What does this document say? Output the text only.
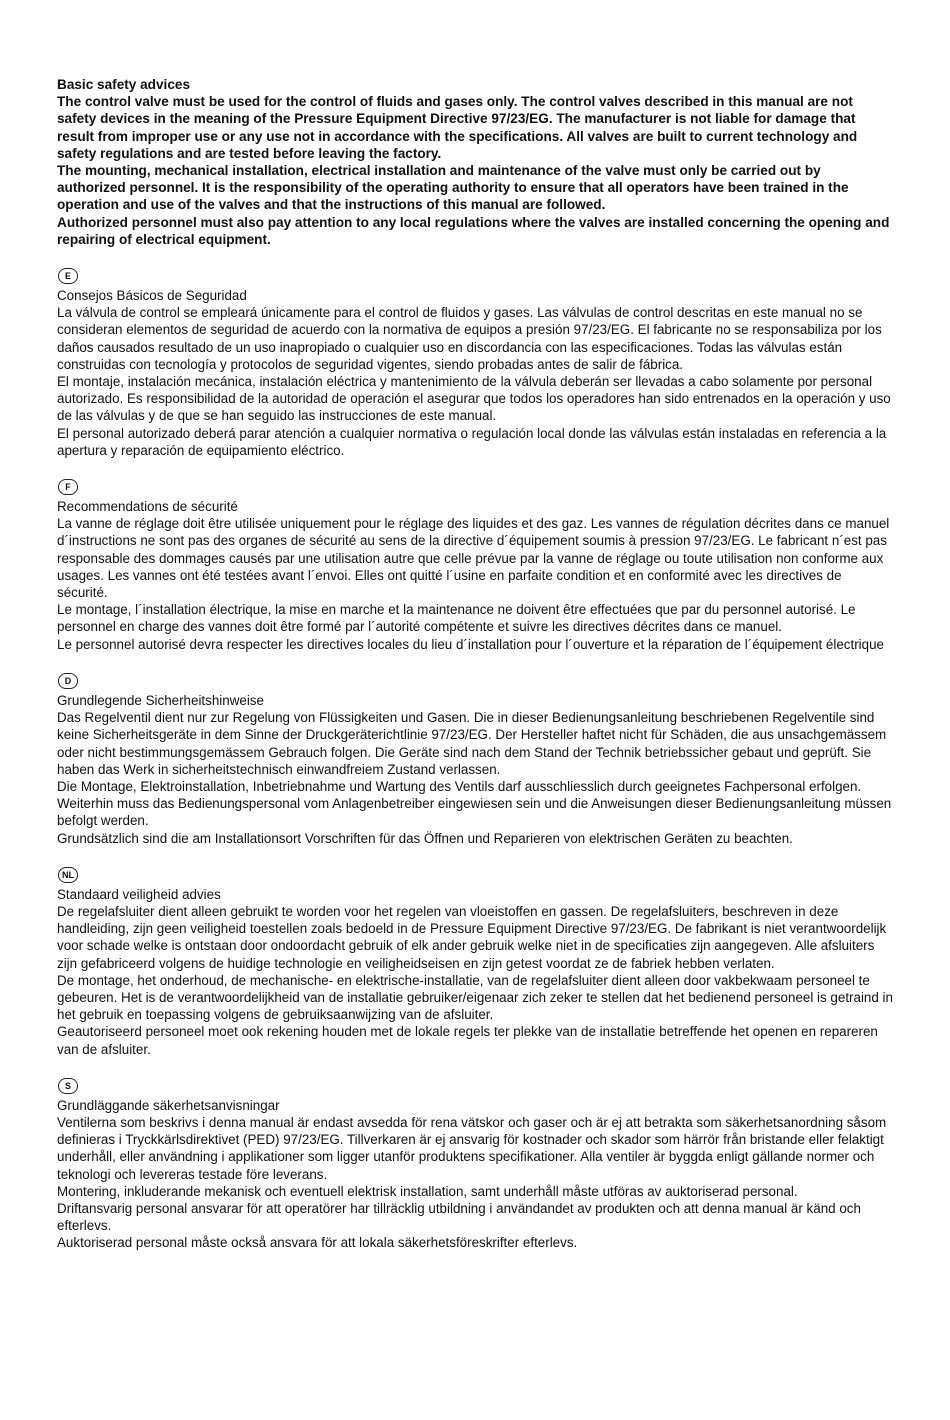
Basic safety advices

The control valve must be used for the control of fluids and gases only. The control valves described in this manual are not safety devices in the meaning of the Pressure Equipment Directive 97/23/EG. The manufacturer is not liable for damage that result from improper use or any use not in accordance with the specifications. All valves are built to current technology and safety regulations and are tested before leaving the factory.

The mounting, mechanical installation, electrical installation and maintenance of the valve must only be carried out by authorized personnel. It is the responsibility of the operating authority to ensure that all operators have been trained in the operation and use of the valves and that the instructions of this manual are followed.

Authorized personnel must also pay attention to any local regulations where the valves are installed concerning the opening and repairing of electrical equipment.

E
Consejos Básicos de Seguridad

La válvula de control se empleará únicamente para el control de fluidos y gases. Las válvulas de control descritas en este manual no se consideran elementos de seguridad de acuerdo con la normativa de equipos a presión 97/23/EG. El fabricante no se responsabiliza por los daños causados resultado de un uso inapropiado o cualquier uso en discordancia con las especificaciones. Todas las válvulas están construidas con tecnología y protocolos de seguridad vigentes, siendo probadas antes de salir de fábrica.

El montaje, instalación mecánica, instalación eléctrica y mantenimiento de la válvula deberán ser llevadas a cabo solamente por personal autorizado. Es responsibilidad de la autoridad de operación el asegurar que todos los operadores han sido entrenados en la operación y uso de las válvulas y de que se han seguido las instrucciones de este manual.

El personal autorizado deberá parar atención a cualquier normativa o regulación local donde las válvulas están instaladas en referencia a la apertura y reparación de equipamiento eléctrico.

F
Recommendations de sécurité

La vanne de réglage doit être utilisée uniquement pour le réglage des liquides et des gaz. Les vannes de régulation décrites dans ce manuel d´instructions ne sont pas des organes de sécurité au sens de la directive d´équipement soumis à pression 97/23/EG. Le fabricant n´est pas responsable des dommages causés par une utilisation autre que celle prévue par la vanne de réglage ou toute utilisation non conforme aux usages. Les vannes ont été testées avant l´envoi. Elles ont quitté l´usine en parfaite condition et en conformité avec les directives de sécurité.

Le montage, l´installation électrique, la mise en marche et la maintenance ne doivent être effectuées que par du personnel autorisé. Le personnel en charge des vannes doit être formé par l´autorité compétente et suivre les directives décrites dans ce manuel.

Le personnel autorisé devra respecter les directives locales du lieu d´installation pour l´ouverture et la réparation de l´équipement électrique

D
Grundlegende Sicherheitshinweise

Das Regelventil dient nur zur Regelung von Flüssigkeiten und Gasen. Die in dieser Bedienungsanleitung beschriebenen Regelventile sind keine Sicherheitsgeräte in dem Sinne der Druckgeräterichtlinie 97/23/EG. Der Hersteller haftet nicht für Schäden, die aus unsachgemässem oder nicht bestimmungsgemässem Gebrauch folgen. Die Geräte sind nach dem Stand der Technik betriebssicher gebaut und geprüft. Sie haben das Werk in sicherheitstechnisch einwandfreiem Zustand verlassen.

Die Montage, Elektroinstallation, Inbetriebnahme und Wartung des Ventils darf ausschliesslich durch geeignetes Fachpersonal erfolgen. Weiterhin muss das Bedienungspersonal vom Anlagenbetreiber eingewiesen sein und die Anweisungen dieser Bedienungsanleitung müssen befolgt werden.

Grundsätzlich sind die am Installationsort Vorschriften für das Öffnen und Reparieren von elektrischen Geräten zu beachten.

NL
Standaard veiligheid advies

De regelafsluiter dient alleen gebruikt te worden voor het regelen van vloeistoffen en gassen. De regelafsluiters, beschreven in deze handleiding, zijn geen veiligheid toestellen zoals bedoeld in de Pressure Equipment Directive 97/23/EG. De fabrikant is niet verantwoordelijk voor schade welke is ontstaan door ondoordacht gebruik of elk ander gebruik welke niet in de specificaties zijn aangegeven. Alle afsluiters zijn gefabriceerd volgens de huidige technologie en veiligheidseisen en zijn getest voordat ze de fabriek hebben verlaten.

De montage, het onderhoud, de mechanische- en elektrische-installatie, van de regelafsluiter dient alleen door vakbekwaam personeel te gebeuren. Het is de verantwoordelijkheid van de installatie gebruiker/eigenaar zich zeker te stellen dat het bedienend personeel is getraind in het gebruik en toepassing volgens de gebruiksaanwijzing van de afsluiter.

Geautoriseerd personeel moet ook rekening houden met de lokale regels ter plekke van de installatie betreffende het openen en repareren van de afsluiter.

S
Grundläggande säkerhetsanvisningar

Ventilerna som beskrivs i denna manual är endast avsedda för rena vätskor och gaser och är ej att betrakta som säkerhetsanordning såsom definieras i Tryckkärlsdirektivet (PED) 97/23/EG. Tillverkaren är ej ansvarig för kostnader och skador som härrör från bristande eller felaktigt underhåll, eller användning i applikationer som ligger utanför produktens specifikationer. Alla ventiler är byggda enligt gällande normer och teknologi och levereras testade före leverans.

Montering, inkluderande mekanisk och eventuell elektrisk installation, samt underhåll måste utföras av auktoriserad personal.

Driftansvarig personal ansvarar för att operatörer har tillräcklig utbildning i användandet av produkten och att denna manual är känd och efterlevs.

Auktoriserad personal måste också ansvara för att lokala säkerhetsföreskrifter efterlevs.
